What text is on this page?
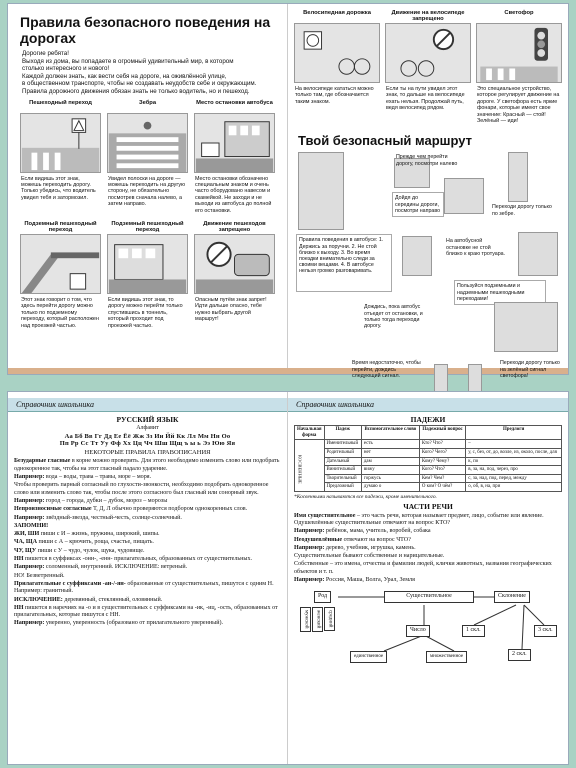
Правила безопасного поведения на дорогах
Дорогие ребята!
Выходя из дома, вы попадаете в огромный удивительный мир, в котором
столько интересного и нового!
Каждой должен знать, как вести себя на дороге, на оживлённой улице,
в общественном транспорте, чтобы не создавать неудобств себе и окружающим.
Правила дорожного движения обязан знать не только водитель, но и пешеход.
Пешеходный переход
Если видишь этот знак, можешь переходить дорогу. Только убедись, что водитель увидел тебя и затормозил.
Зебра
Увидел полоски на дороге — можешь переходить на другую сторону, не обязательно посмотрев сначала налево, а затем направо.
Место остановки автобуса
Место остановки обозначено специальным знаком и очень часто оборудовано навесом и скамейкой. Не заходи и не выходи из автобуса до полной его остановки.
Подземный пешеходный переход
Этот знак говорит о том, что здесь перейти дорогу можно только по подземному переходу, который расположен над проезжей частью.
Подземный пешеходный переход
Если видишь этот знак, то дорогу можно перейти только спустившись в тоннель, который проходит под проезжей частью.
Движение пешеходов запрещено
Опасным путём знак запрет! Идти дальше опасно, тебе нужно выбрать другой маршрут!
Велосипедная дорожка
На велосипеде кататься можно только там, где обозначается таким знаком.
Движение на велосипеде запрещено
Если ты на пути увидел этот знак, то дальше на велосипеде ехать нельзя. Продолжай путь, ведя велосипед рядом.
Светофор
Это специальное устройство, которое регулирует движение на дороге. У светофора есть яркие фонари, которые имеют свое значение: Красный — стой! Зелёный — иди!
Твой безопасный маршрут
Прежде чем перейти дорогу, посмотри налево
Дойдя до середины дороги, посмотри направо
Переходи дорогу только по зебре.
Правила поведения в автобусе: 1. Держись за поручни. 2. Не стой близко к выходу. 3. Во время поездки внимательно следи за своими вещами. 4. В автобусе нельзя громко разговаривать.
На автобусной остановке не стой близко к краю тротуара.
Пользуйся подземными и надземными пешеходными переходами!
Дождись, пока автобус отъедет от остановки, и только тогда переходи дорогу.
Время недостаточно, чтобы перейти, дождись следующий сигнал.
Переходи дорогу только на зелёный сигнал светофора!
Справочник школьника
РУССКИЙ ЯЗЫК
Алфавит
Аа Бб Вв Гг Дд Ее Ёё Жж Зз Ии Йй Кк Лл Мм Нн Оо
Пп Рр Сс Тт Уу Фф Хх Цц Чч Шш Щщ ъ ы ь Ээ Юю Яя
НЕКОТОРЫЕ ПРАВИЛА ПРАВОПИСАНИЯ

Безударные гласные в корне можно проверить. Для этого необходимо изменить слово или подобрать однокоренное так, чтобы на этот гласный падало ударение.

Например: вода – воды, трава – травы, море – моря.

Чтобы проверить парный согласный по глухости-звонкости, необходимо подобрать однокоренное слово или изменить слово так, чтобы после этого согласного был гласный или сонорный звук.

Например: город – города, дубки – дубок, мороз – морозы

Непроизносимые согласные Т, Д, Л обычно проверяются подбором однокоренных слов.

Например: звёздный-звезда, честный-честь, солнце-солнечный.

ЗАПОМНИ!

ЖИ, ШИ пиши с И – жизнь, пружина, широкий, шипы.

ЧА, ЩА пиши с А – крючить, роща, счастье, пищать.

ЧУ, ЩУ пиши с У – чудо, чулок, щука, чудовище.

НН пишется в суффиксах -онн-, -енн- прилагательных, образованных от существительных.

Например: соломенный, внутренний. ИСКЛЮЧЕНИЕ: ветреный.

НО! Безветренный.

Прилагательные с суффиксами -ан-/-ян- образованные от существительных, пишутся с одним Н. Например: гранитный.

ИСКЛЮЧЕНИЕ: деревянный, стеклянный, оловянный.

НН пишется в наречиях на -о и в существительных с суффиксами на -ик, -иц, -ость, образованных от прилагательных, которые пишутся с НН.

Например: уверенно, уверенность (образовано от прилагательного уверенный).

Справочник школьника
ПАДЕЖИ
Начальная форма	Падеж	Вспомогательное слово	Падежный вопрос	Предлоги

КОСВЕННЫЕ	Именительный	есть	Кто? Что?	–
	Родительный	нет	Кого? Чего?	у, с, без, от, до, возле, из, около, после, для
	Дательный	дам	Кому? Чему?	к, по
	Винительный	вижу	Кого? Что?	в, за, на, под, через, про
	Творительный	горжусь	Кем? Чем?	с, за, над, под, перед, между
	Предложный	думаю о	О ком? О чём?	о, об, в, на, при
*Косвенными называются все падежи, кроме именительного.
ЧАСТИ РЕЧИ

Имя существительное – это часть речи, которая называет предмет, лицо, событие или явление. Одушевлённые существительные отвечают на вопрос КТО?

Например: ребёнок, мама, учитель, воробей, собака

Неодушевлённые отвечают на вопрос ЧТО?

Например: дерево, учебник, игрушка, камень.

Существительные бывают собственные и нарицательные.

Собственные – это имена, отчества и фамилии людей, клички животных, названия географических объектов и т. п.

Например: Россия, Маша, Волга, Урал, Земля

Род	Существительное	Склонение
Число
единственное	множественное
1 скл.	3 скл.
2 скл.
мужской	женский	средний
